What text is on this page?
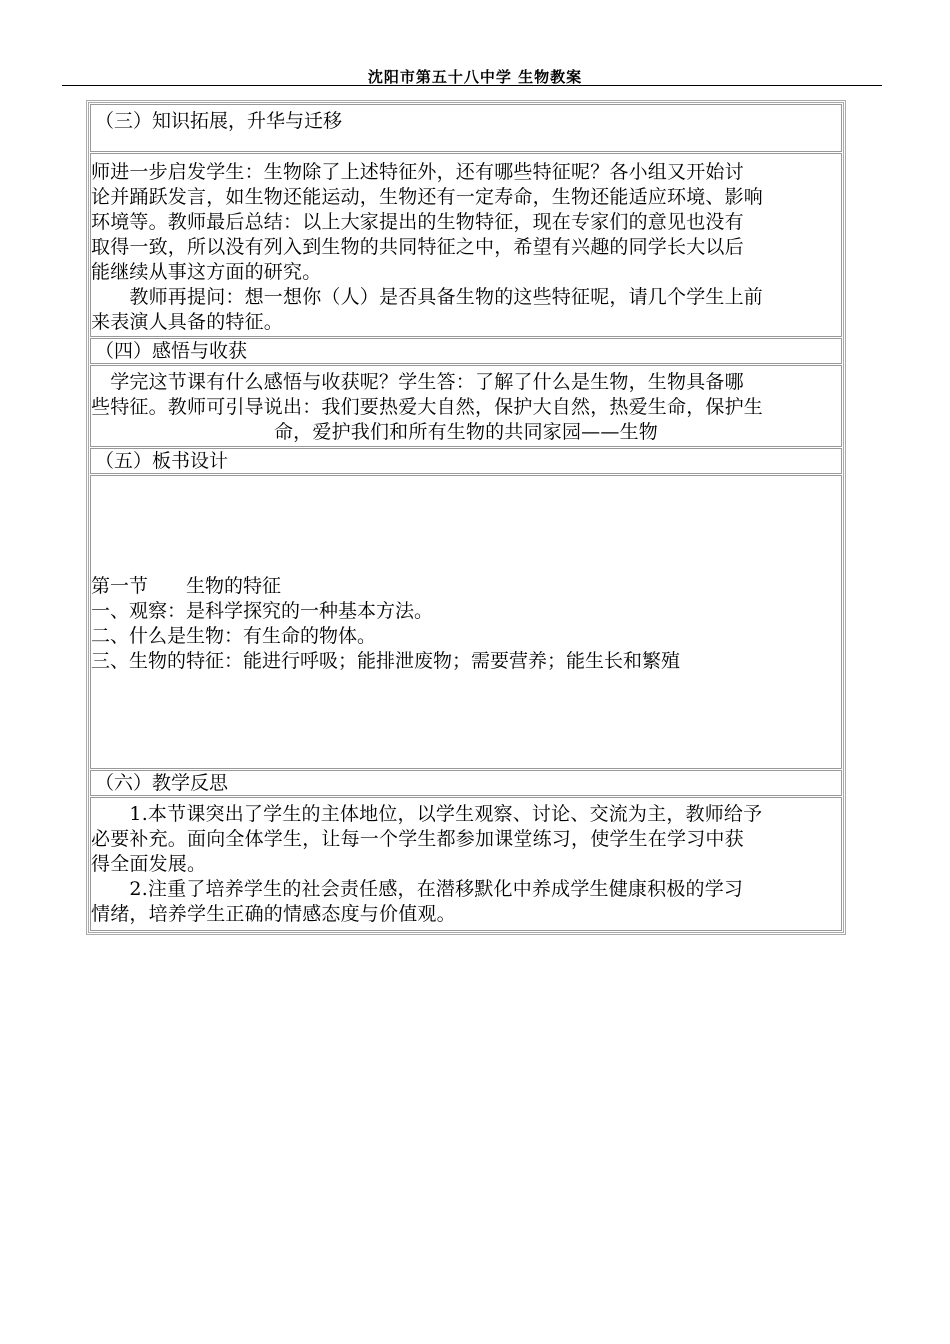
沈阳市第五十八中学 生物教案
（三）知识拓展，升华与迁移
师进一步启发学生：生物除了上述特征外，还有哪些特征呢？各小组又开始讨
论并踊跃发言，如生物还能运动，生物还有一定寿命，生物还能适应环境、影响
环境等。教师最后总结：以上大家提出的生物特征，现在专家们的意见也没有
取得一致，所以没有列入到生物的共同特征之中，希望有兴趣的同学长大以后
能继续从事这方面的研究。
　　教师再提问：想一想你（人）是否具备生物的这些特征呢，请几个学生上前
来表演人具备的特征。
（四）感悟与收获
　学完这节课有什么感悟与收获呢？学生答：了解了什么是生物，生物具备哪
些特征。教师可引导说出：我们要热爱大自然，保护大自然，热爱生命，保护生
命，爱护我们和所有生物的共同家园——生物
（五）板书设计
第一节　　生物的特征
一、观察：是科学探究的一种基本方法。
二、什么是生物：有生命的物体。
三、生物的特征：能进行呼吸；能排泄废物；需要营养；能生长和繁殖
（六）教学反思
　　1.本节课突出了学生的主体地位，以学生观察、讨论、交流为主，教师给予
必要补充。面向全体学生，让每一个学生都参加课堂练习，使学生在学习中获
得全面发展。
　　2.注重了培养学生的社会责任感，在潜移默化中养成学生健康积极的学习
情绪，培养学生正确的情感态度与价值观。
